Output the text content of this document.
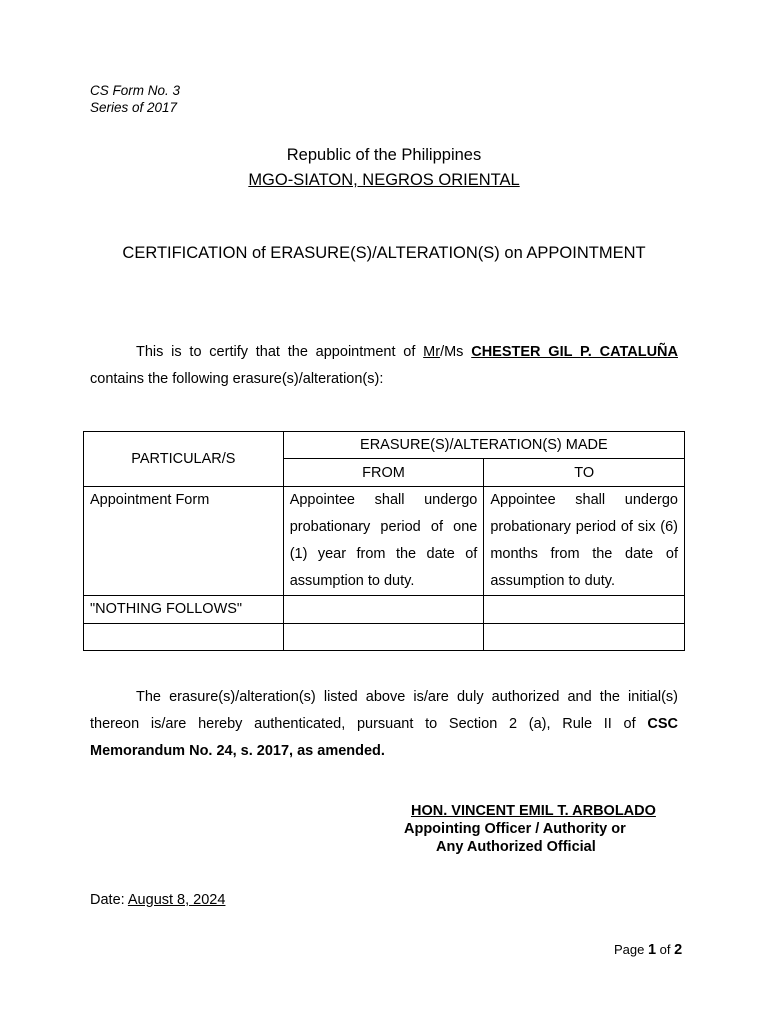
CS Form No. 3
Series of 2017
Republic of the Philippines
MGO-SIATON, NEGROS ORIENTAL
CERTIFICATION of ERASURE(S)/ALTERATION(S) on APPOINTMENT
This is to certify that the appointment of Mr/Ms CHESTER GIL P. CATALUÑA contains the following erasure(s)/alteration(s):
PARTICULAR/S	ERASURE(S)/ALTERATION(S) MADE	
	FROM	TO
Appointment Form	Appointee shall undergo probationary period of one (1) year from the date of assumption to duty.	Appointee shall undergo probationary period of six (6) months from the date of assumption to duty.
"NOTHING FOLLOWS"		

The erasure(s)/alteration(s) listed above is/are duly authorized and the initial(s) thereon is/are hereby authenticated, pursuant to Section 2 (a), Rule II of CSC Memorandum No. 24, s. 2017, as amended.
HON. VINCENT EMIL T. ARBOLADO
Appointing Officer / Authority or
Any Authorized Official
Date: August 8, 2024
Page 1 of 2
